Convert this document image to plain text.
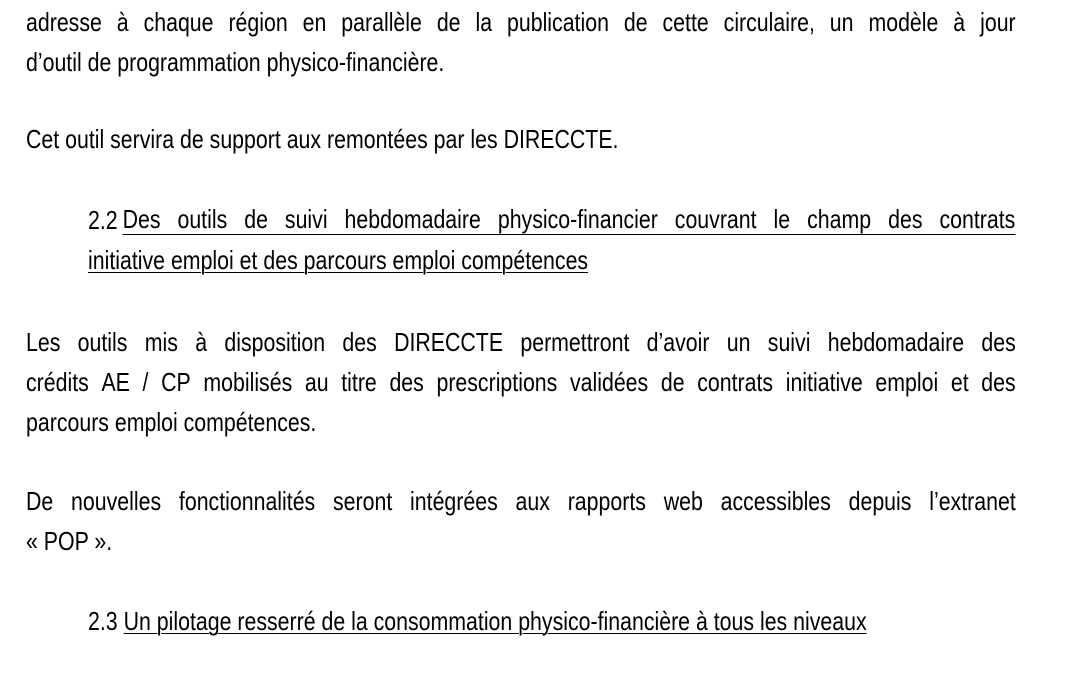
adresse à chaque région en parallèle de la publication de cette circulaire, un modèle à jour
d’outil de programmation physico-financière.
Cet outil servira de support aux remontées par les DIRECCTE.
2.2 Des outils de suivi hebdomadaire physico-financier couvrant le champ des contrats
initiative emploi et des parcours emploi compétences
Les outils mis à disposition des DIRECCTE permettront d’avoir un suivi hebdomadaire des
crédits AE / CP mobilisés au titre des prescriptions validées de contrats initiative emploi et des
parcours emploi compétences.
De nouvelles fonctionnalités seront intégrées aux rapports web accessibles depuis l’extranet
« POP ».
2.3 Un pilotage resserré de la consommation physico-financière à tous les niveaux
